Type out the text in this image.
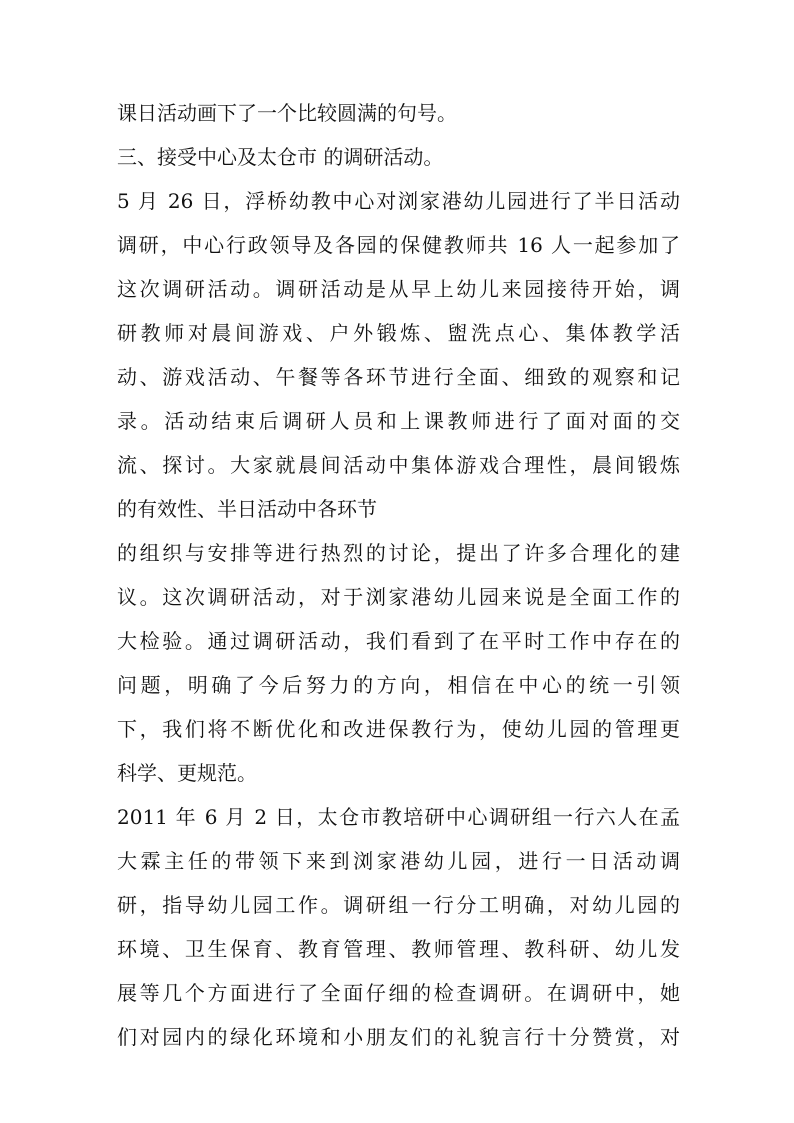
课日活动画下了一个比较圆满的句号。
三、接受中心及太仓市 的调研活动。
5 月 26 日，浮桥幼教中心对浏家港幼儿园进行了半日活动
调研，中心行政领导及各园的保健教师共 16 人一起参加了
这次调研活动。调研活动是从早上幼儿来园接待开始，调
研教师对晨间游戏、户外锻炼、盥洗点心、集体教学活
动、游戏活动、午餐等各环节进行全面、细致的观察和记
录。活动结束后调研人员和上课教师进行了面对面的交
流、探讨。大家就晨间活动中集体游戏合理性，晨间锻炼
的有效性、半日活动中各环节
的组织与安排等进行热烈的讨论，提出了许多合理化的建
议。这次调研活动，对于浏家港幼儿园来说是全面工作的
大检验。通过调研活动，我们看到了在平时工作中存在的
问题，明确了今后努力的方向，相信在中心的统一引领
下，我们将不断优化和改进保教行为，使幼儿园的管理更
科学、更规范。
2011 年 6 月 2 日，太仓市教培研中心调研组一行六人在孟
大霖主任的带领下来到浏家港幼儿园，进行一日活动调
研，指导幼儿园工作。调研组一行分工明确，对幼儿园的
环境、卫生保育、教育管理、教师管理、教科研、幼儿发
展等几个方面进行了全面仔细的检查调研。在调研中，她
们对园内的绿化环境和小朋友们的礼貌言行十分赞赏，对
